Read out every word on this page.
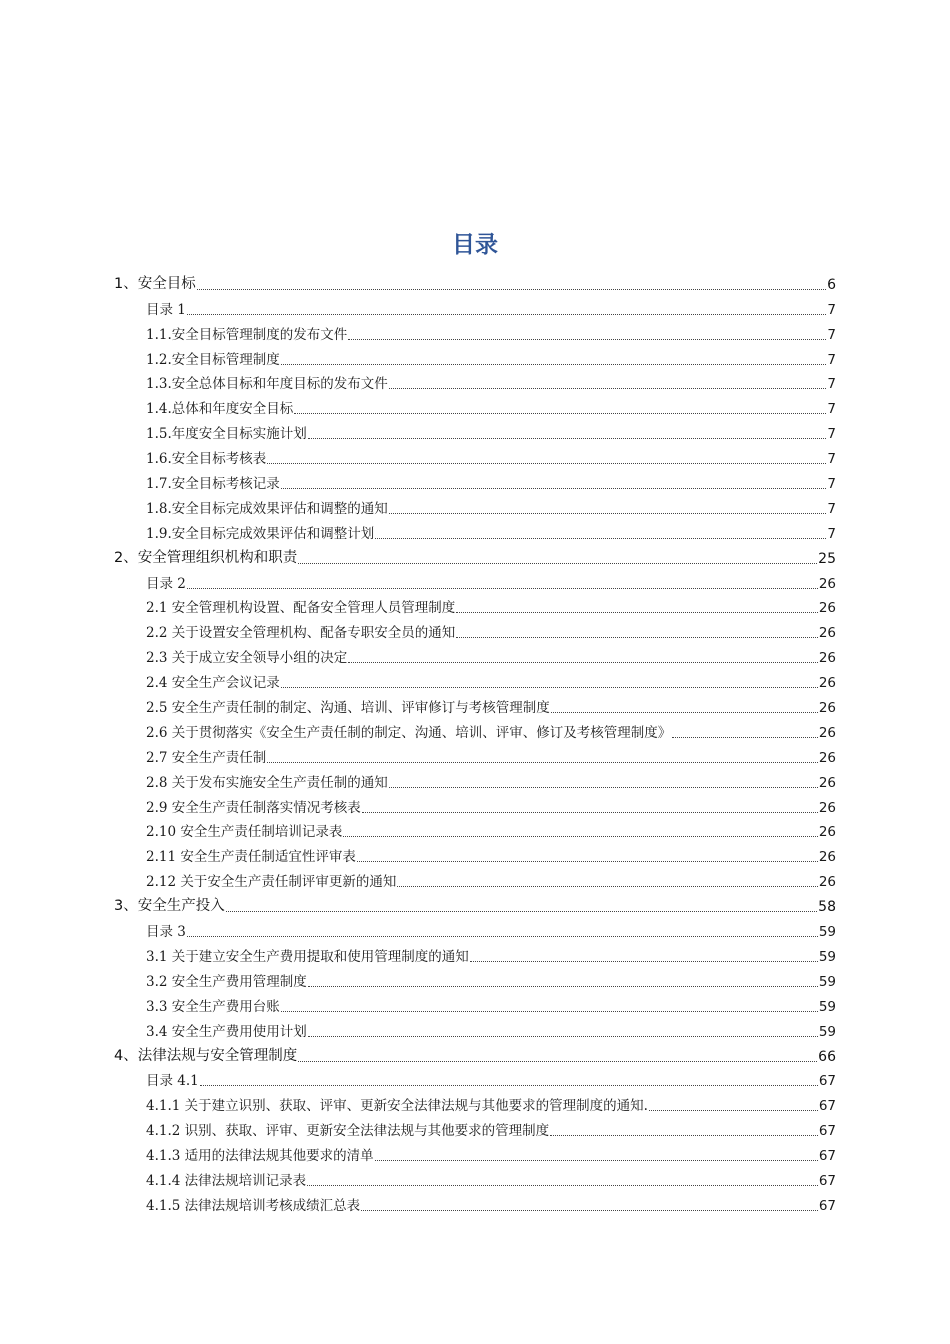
目录
1、安全目标	6
目录 1	7
1.1.安全目标管理制度的发布文件	7
1.2.安全目标管理制度	7
1.3.安全总体目标和年度目标的发布文件	7
1.4.总体和年度安全目标	7
1.5.年度安全目标实施计划	7
1.6.安全目标考核表	7
1.7.安全目标考核记录	7
1.8.安全目标完成效果评估和调整的通知	7
1.9.安全目标完成效果评估和调整计划	7
2、安全管理组织机构和职责	25
目录 2	26
2.1 安全管理机构设置、配备安全管理人员管理制度	26
2.2 关于设置安全管理机构、配备专职安全员的通知	26
2.3 关于成立安全领导小组的决定	26
2.4 安全生产会议记录	26
2.5 安全生产责任制的制定、沟通、培训、评审修订与考核管理制度	26
2.6 关于贯彻落实《安全生产责任制的制定、沟通、培训、评审、修订及考核管理制度》	26
2.7 安全生产责任制	26
2.8 关于发布实施安全生产责任制的通知	26
2.9 安全生产责任制落实情况考核表	26
2.10 安全生产责任制培训记录表	26
2.11 安全生产责任制适宜性评审表	26
2.12 关于安全生产责任制评审更新的通知	26
3、安全生产投入	58
目录 3	59
3.1 关于建立安全生产费用提取和使用管理制度的通知	59
3.2 安全生产费用管理制度	59
3.3 安全生产费用台账	59
3.4 安全生产费用使用计划	59
4、法律法规与安全管理制度	66
目录 4.1	67
4.1.1 关于建立识别、获取、评审、更新安全法律法规与其他要求的管理制度的通知.	67
4.1.2 识别、获取、评审、更新安全法律法规与其他要求的管理制度	67
4.1.3 适用的法律法规其他要求的清单	67
4.1.4 法律法规培训记录表	67
4.1.5 法律法规培训考核成绩汇总表	67
